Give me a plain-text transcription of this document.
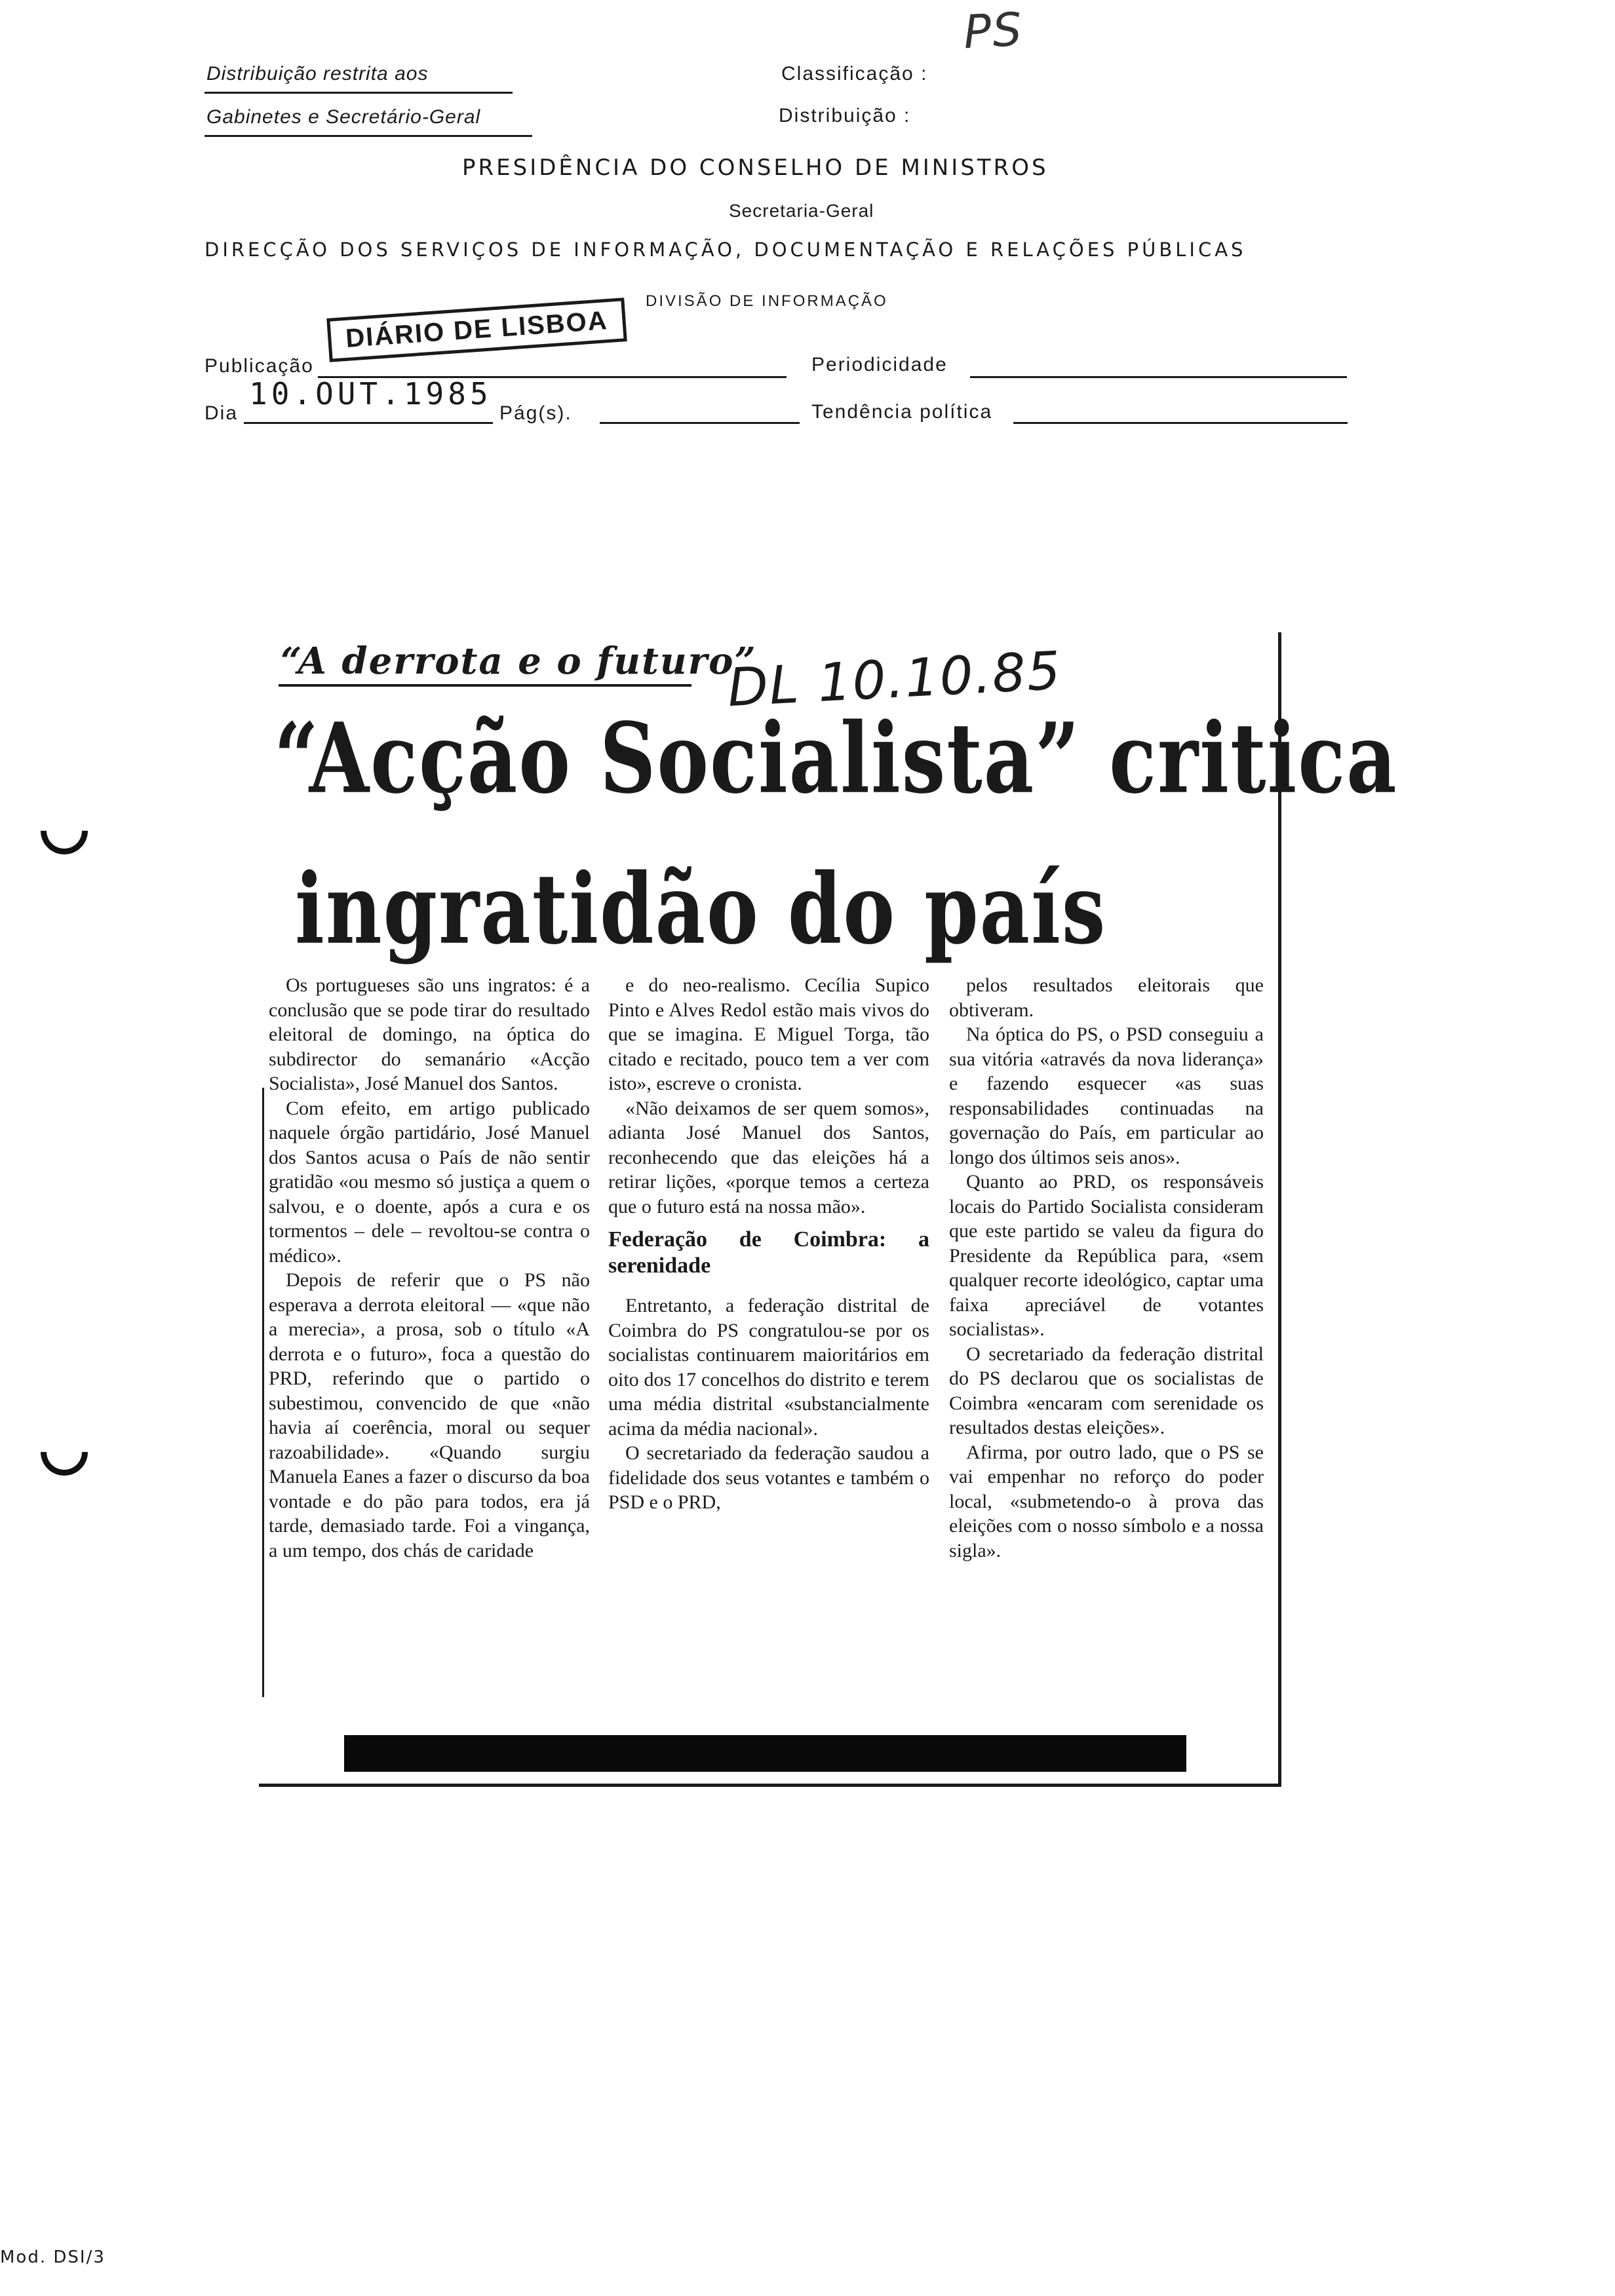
Distribuição restrita aos
Gabinetes e Secretário-Geral
Classificação :
Distribuição :
PS
PRESIDÊNCIA DO CONSELHO DE MINISTROS
Secretaria-Geral
DIRECÇÃO DOS SERVIÇOS DE INFORMAÇÃO, DOCUMENTAÇÃO E RELAÇÕES PÚBLICAS
DIVISÃO DE INFORMAÇÃO
DIÁRIO DE LISBOA
Publicação	Periodicidade
10.OUT.1985
Dia	Pág(s).	Tendência política
“A derrota e o futuro”
DL 10.10.85
“Acção Socialista” critica
ingratidão do país

Os portugueses são uns ingratos: é a conclusão que se pode tirar do resultado eleitoral de domingo, na óptica do subdirector do semanário «Acção Socialista», José Manuel dos Santos.

Com efeito, em artigo publicado naquele órgão partidário, José Manuel dos Santos acusa o País de não sentir gratidão «ou mesmo só justiça a quem o salvou, e o doente, após a cura e os tormentos – dele – revoltou-se contra o médico».

Depois de referir que o PS não esperava a derrota eleitoral — «que não a merecia», a prosa, sob o título «A derrota e o futuro», foca a questão do PRD, referindo que o partido o subestimou, convencido de que «não havia aí coerência, moral ou sequer razoabilidade». «Quando surgiu Manuela Eanes a fazer o discurso da boa vontade e do pão para todos, era já tarde, demasiado tarde. Foi a vingança, a um tempo, dos chás de caridade

e do neo-realismo. Cecília Supico Pinto e Alves Redol estão mais vivos do que se imagina. E Miguel Torga, tão citado e recitado, pouco tem a ver com isto», escreve o cronista.

«Não deixamos de ser quem somos», adianta José Manuel dos Santos, reconhecendo que das eleições há a retirar lições, «porque temos a certeza que o futuro está na nossa mão».

Federação de Coimbra: a serenidade

Entretanto, a federação distrital de Coimbra do PS congratulou-se por os socialistas continuarem maioritários em oito dos 17 concelhos do distrito e terem uma média distrital «substancialmente acima da média nacional».

O secretariado da federação saudou a fidelidade dos seus votantes e também o PSD e o PRD,

pelos resultados eleitorais que obtiveram.

Na óptica do PS, o PSD conseguiu a sua vitória «através da nova liderança» e fazendo esquecer «as suas responsabilidades continuadas na governação do País, em particular ao longo dos últimos seis anos».

Quanto ao PRD, os responsáveis locais do Partido Socialista consideram que este partido se valeu da figura do Presidente da República para, «sem qualquer recorte ideológico, captar uma faixa apreciável de votantes socialistas».

O secretariado da federação distrital do PS declarou que os socialistas de Coimbra «encaram com serenidade os resultados destas eleições».

Afirma, por outro lado, que o PS se vai empenhar no reforço do poder local, «submetendo-o à prova das eleições com o nosso símbolo e a nossa sigla».

Mod. DSI/3
